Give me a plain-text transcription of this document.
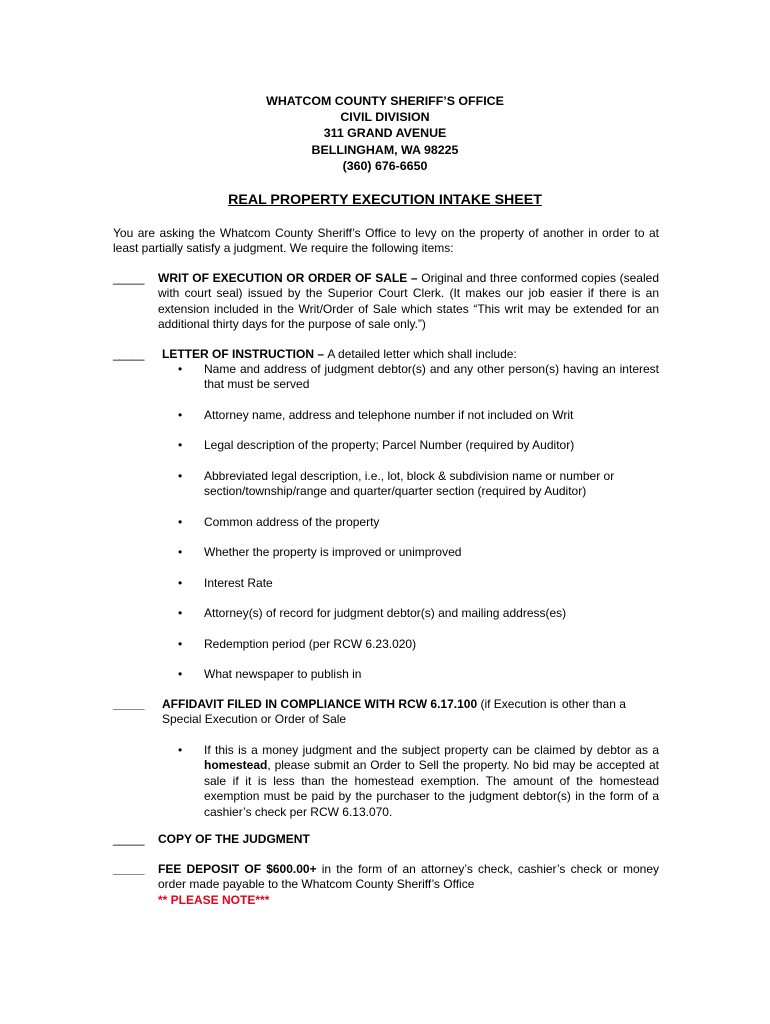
WHATCOM COUNTY SHERIFF’S OFFICE
CIVIL DIVISION
311 GRAND AVENUE
BELLINGHAM, WA 98225
(360) 676-6650
REAL PROPERTY EXECUTION INTAKE SHEET
You are asking the Whatcom County Sheriff’s Office to levy on the property of another in order to at least partially satisfy a judgment. We require the following items:
_____	WRIT OF EXECUTION OR ORDER OF SALE – Original and three conformed copies (sealed with court seal) issued by the Superior Court Clerk. (It makes our job easier if there is an extension included in the Writ/Order of Sale which states “This writ may be extended for an additional thirty days for the purpose of sale only.”)
_____	LETTER OF INSTRUCTION – A detailed letter which shall include:
•	Name and address of judgment debtor(s) and any other person(s) having an interest that must be served
•	Attorney name, address and telephone number if not included on Writ
•	Legal description of the property; Parcel Number (required by Auditor)
•	Abbreviated legal description, i.e., lot, block & subdivision name or number or section/township/range and quarter/quarter section (required by Auditor)
•	Common address of the property
•	Whether the property is improved or unimproved
•	Interest Rate
•	Attorney(s) of record for judgment debtor(s) and mailing address(es)
•	Redemption period (per RCW 6.23.020)
•	What newspaper to publish in
_____	AFFIDAVIT FILED IN COMPLIANCE WITH RCW 6.17.100 (if Execution is other than a Special Execution or Order of Sale
•	If this is a money judgment and the subject property can be claimed by debtor as a homestead, please submit an Order to Sell the property. No bid may be accepted at sale if it is less than the homestead exemption. The amount of the homestead exemption must be paid by the purchaser to the judgment debtor(s) in the form of a cashier’s check per RCW 6.13.070.
_____	COPY OF THE JUDGMENT
_____	FEE DEPOSIT OF $600.00+ in the form of an attorney’s check, cashier’s check or money order made payable to the Whatcom County Sheriff’s Office
** PLEASE NOTE***
